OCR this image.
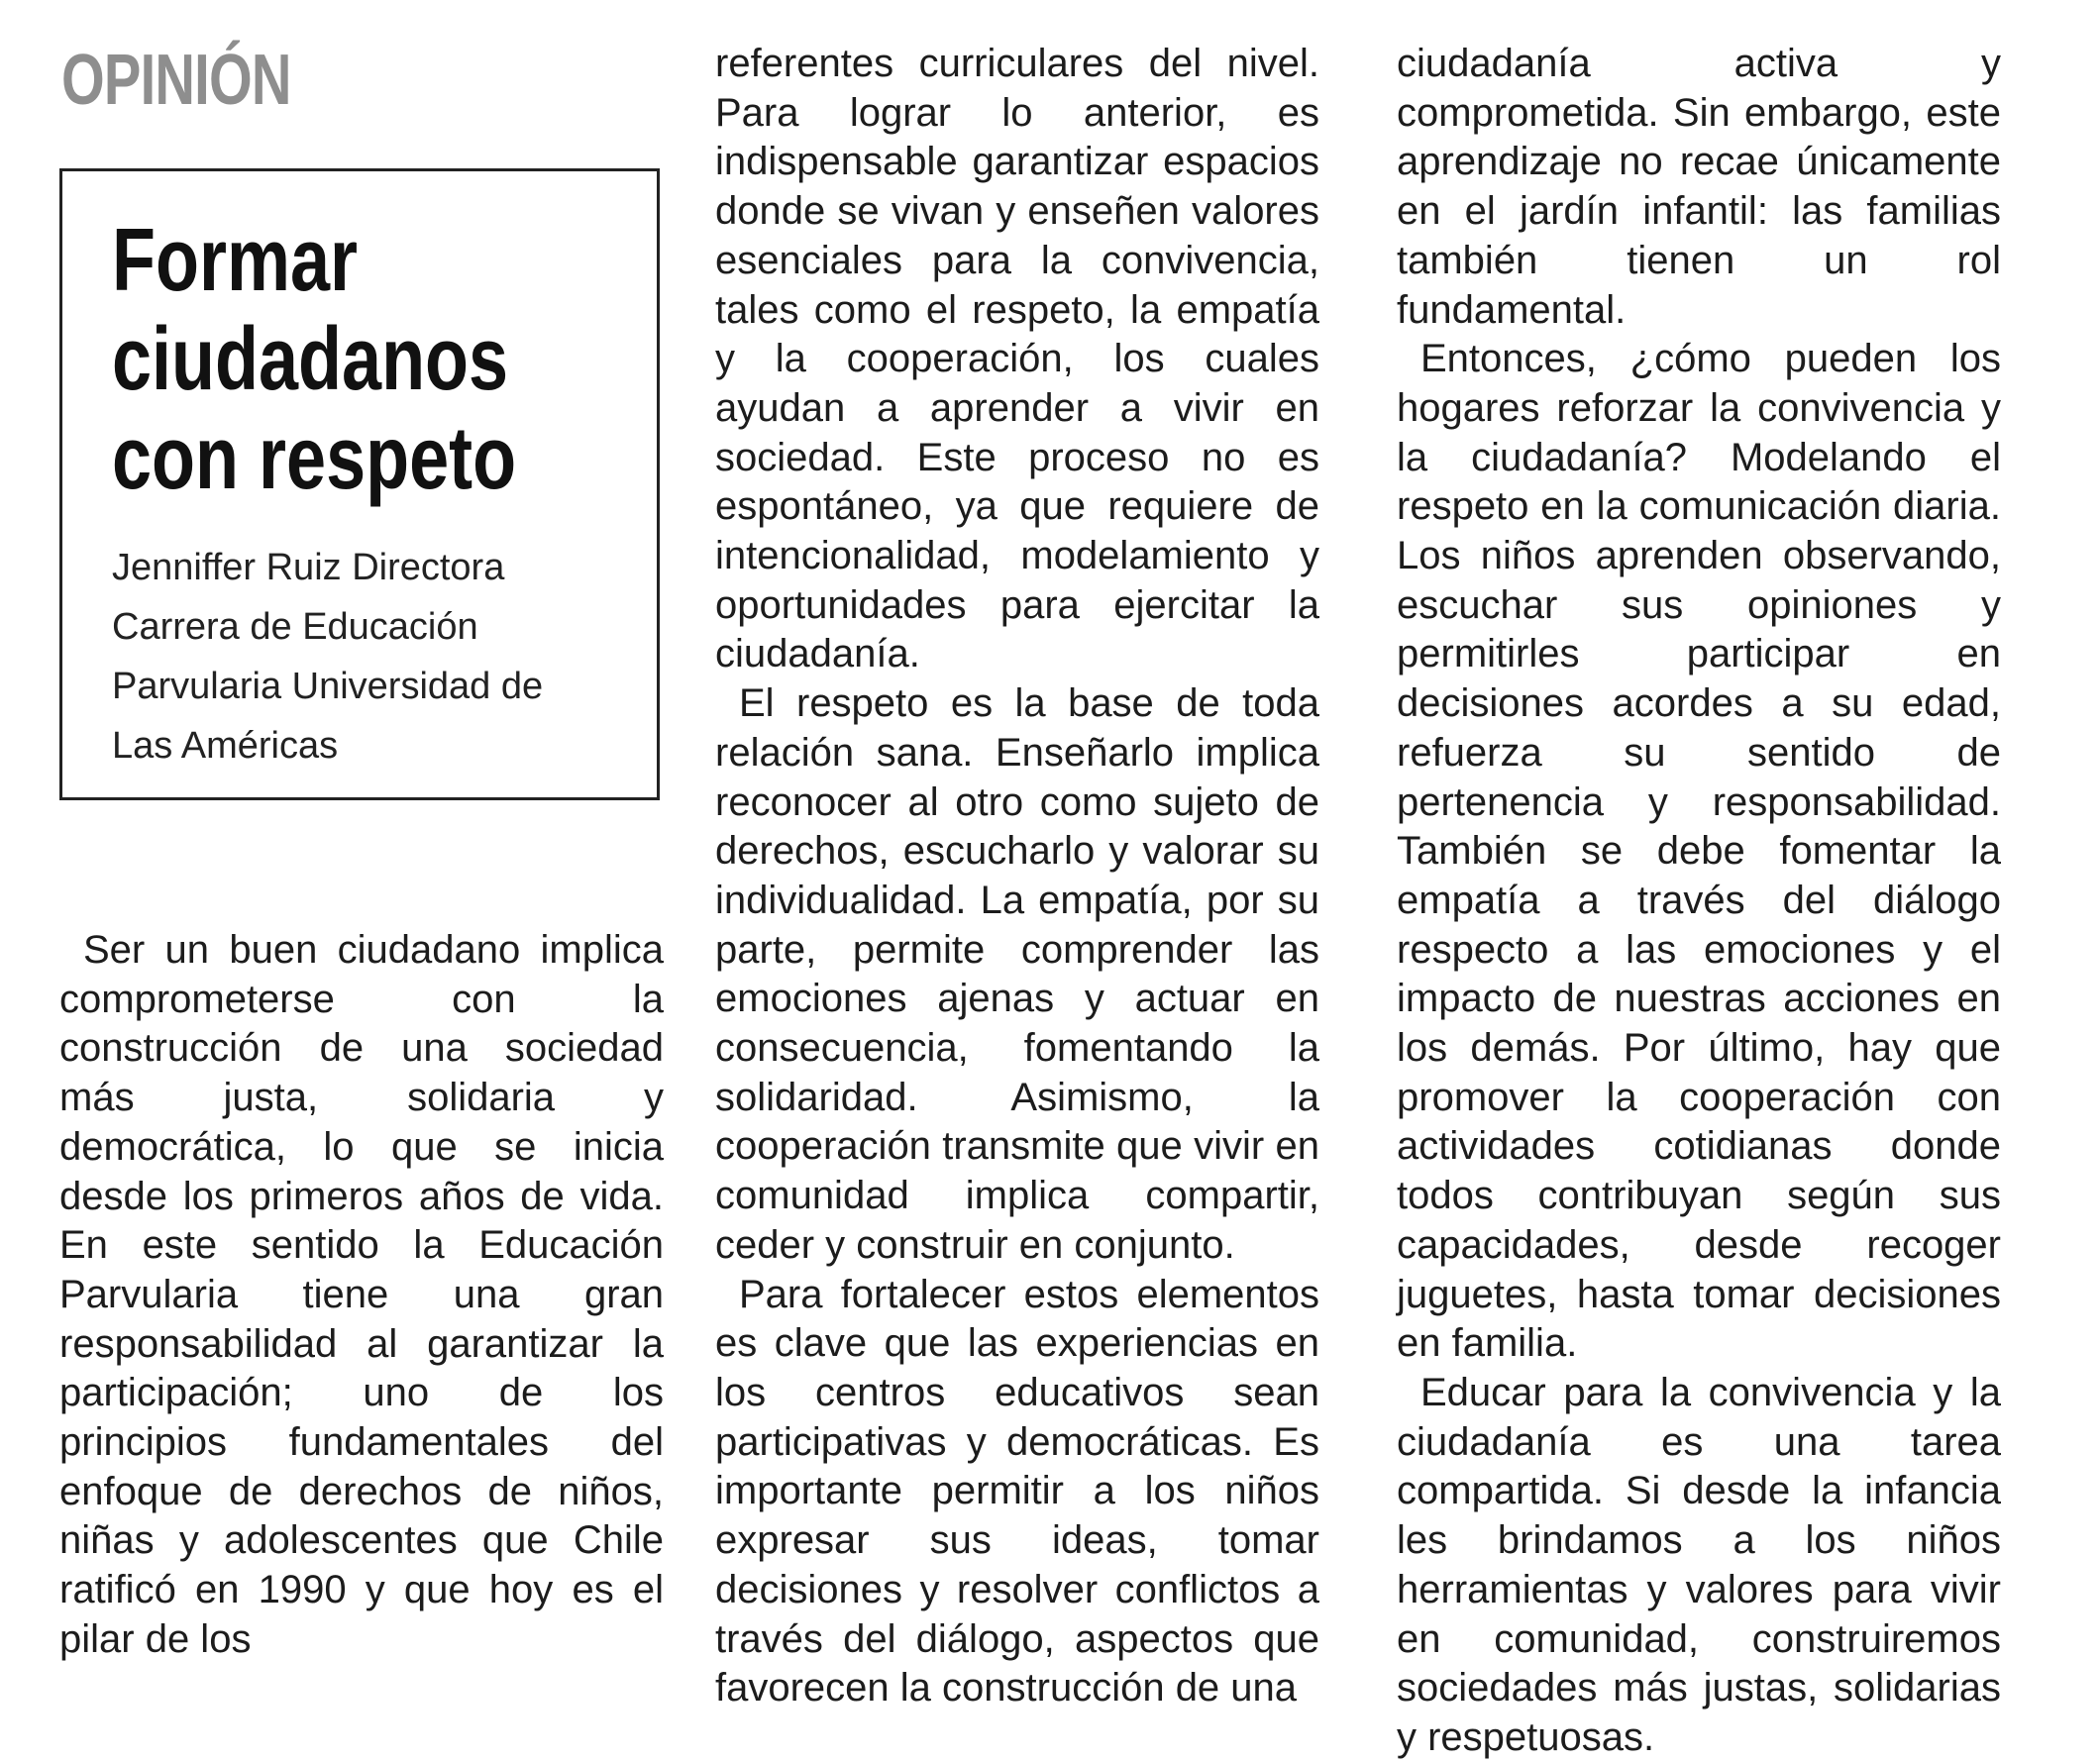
OPINIÓN
Formar
ciudadanos
con respeto
Jenniffer Ruiz Directora
Carrera de Educación
Parvularia Universidad de
Las Américas

Ser un buen ciudadano implica comprometerse con la construcción de una sociedad más justa, solidaria y democrática, lo que se inicia desde los primeros años de vida. En este sentido la Educación Parvularia tiene una gran responsabilidad al garantizar la participación; uno de los principios fundamentales del enfoque de derechos de niños, niñas y adolescentes que Chile ratificó en 1990 y que hoy es el pilar de los

referentes curriculares del nivel. Para lograr lo anterior, es indispensable garantizar espacios donde se vivan y enseñen valores esenciales para la convivencia, tales como el respeto, la empatía y la cooperación, los cuales ayudan a aprender a vivir en sociedad. Este proceso no es espontáneo, ya que requiere de intencionalidad, modelamiento y oportunidades para ejercitar la ciudadanía.

El respeto es la base de toda relación sana. Enseñarlo implica reconocer al otro como sujeto de derechos, escucharlo y valorar su individualidad. La empatía, por su parte, permite comprender las emociones ajenas y actuar en consecuencia, fomentando la solidaridad. Asimismo, la cooperación transmite que vivir en comunidad implica compartir, ceder y construir en conjunto.

Para fortalecer estos elementos es clave que las experiencias en los centros educativos sean participativas y democráticas. Es importante permitir a los niños expresar sus ideas, tomar decisiones y resolver conflictos a través del diálogo, aspectos que favorecen la construcción de una

ciudadanía activa y comprometida. Sin embargo, este aprendizaje no recae únicamente en el jardín infantil: las familias también tienen un rol fundamental.

Entonces, ¿cómo pueden los hogares reforzar la convivencia y la ciudadanía? Modelando el respeto en la comunicación diaria. Los niños aprenden observando, escuchar sus opiniones y permitirles participar en decisiones acordes a su edad, refuerza su sentido de pertenencia y responsabilidad. También se debe fomentar la empatía a través del diálogo respecto a las emociones y el impacto de nuestras acciones en los demás. Por último, hay que promover la cooperación con actividades cotidianas donde todos contribuyan según sus capacidades, desde recoger juguetes, hasta tomar decisiones en familia.

Educar para la convivencia y la ciudadanía es una tarea compartida. Si desde la infancia les brindamos a los niños herramientas y valores para vivir en comunidad, construiremos sociedades más justas, solidarias y respetuosas.
